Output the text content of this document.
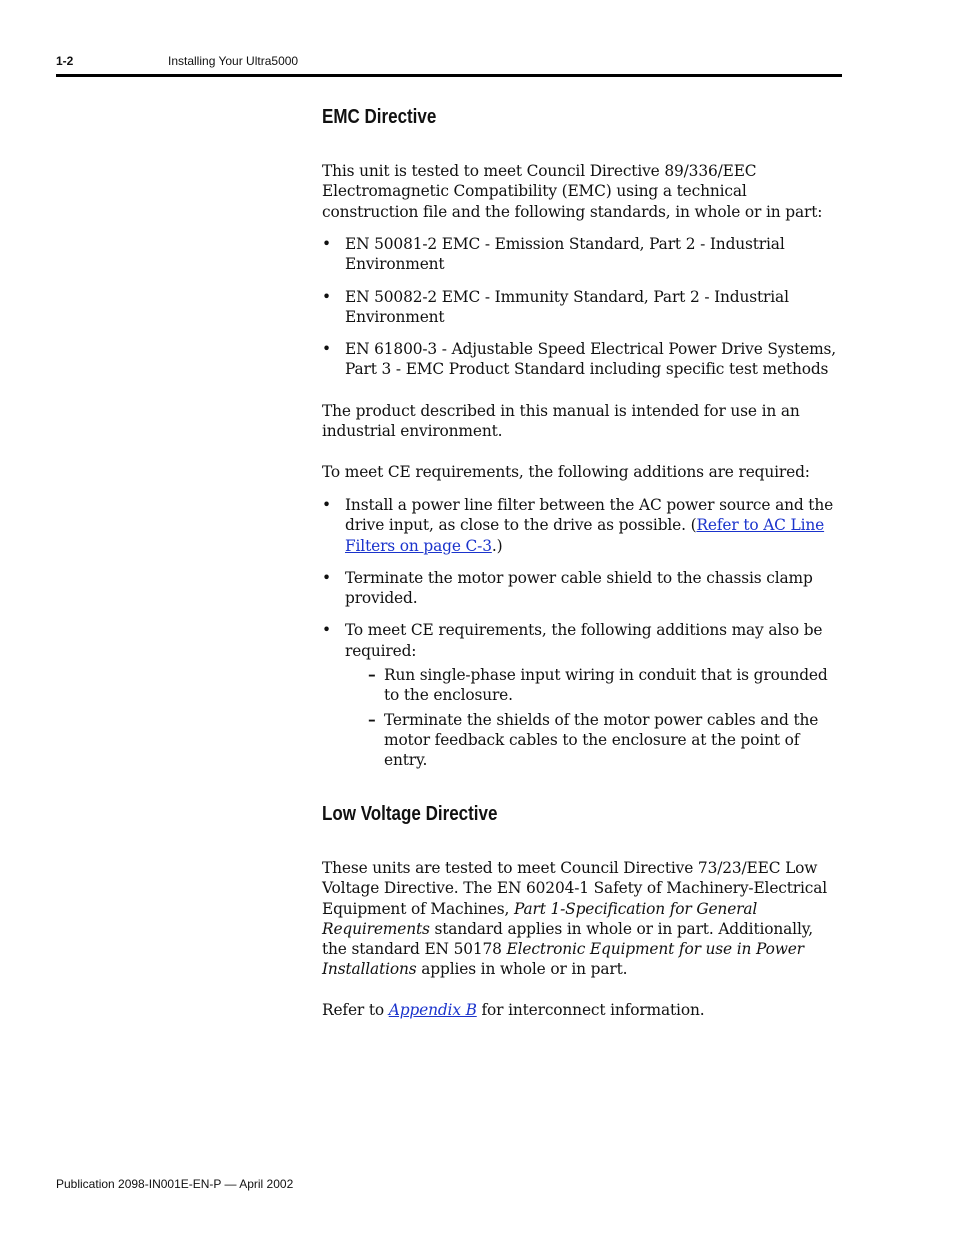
1-2	Installing Your Ultra5000
EMC Directive
This unit is tested to meet Council Directive 89/336/EEC Electromagnetic Compatibility (EMC) using a technical construction file and the following standards, in whole or in part:
• EN 50081-2 EMC - Emission Standard, Part 2 - Industrial Environment
• EN 50082-2 EMC - Immunity Standard, Part 2 - Industrial Environment
• EN 61800-3 - Adjustable Speed Electrical Power Drive Systems, Part 3 - EMC Product Standard including specific test methods
The product described in this manual is intended for use in an industrial environment.
To meet CE requirements, the following additions are required:
• Install a power line filter between the AC power source and the drive input, as close to the drive as possible. (Refer to AC Line Filters on page C-3.)
• Terminate the motor power cable shield to the chassis clamp provided.
• To meet CE requirements, the following additions may also be required:
– Run single-phase input wiring in conduit that is grounded to the enclosure.
– Terminate the shields of the motor power cables and the motor feedback cables to the enclosure at the point of entry.
Low Voltage Directive
These units are tested to meet Council Directive 73/23/EEC Low Voltage Directive. The EN 60204-1 Safety of Machinery-Electrical Equipment of Machines, Part 1-Specification for General Requirements standard applies in whole or in part. Additionally, the standard EN 50178 Electronic Equipment for use in Power Installations applies in whole or in part.
Refer to Appendix B for interconnect information.
Publication 2098-IN001E-EN-P — April 2002
